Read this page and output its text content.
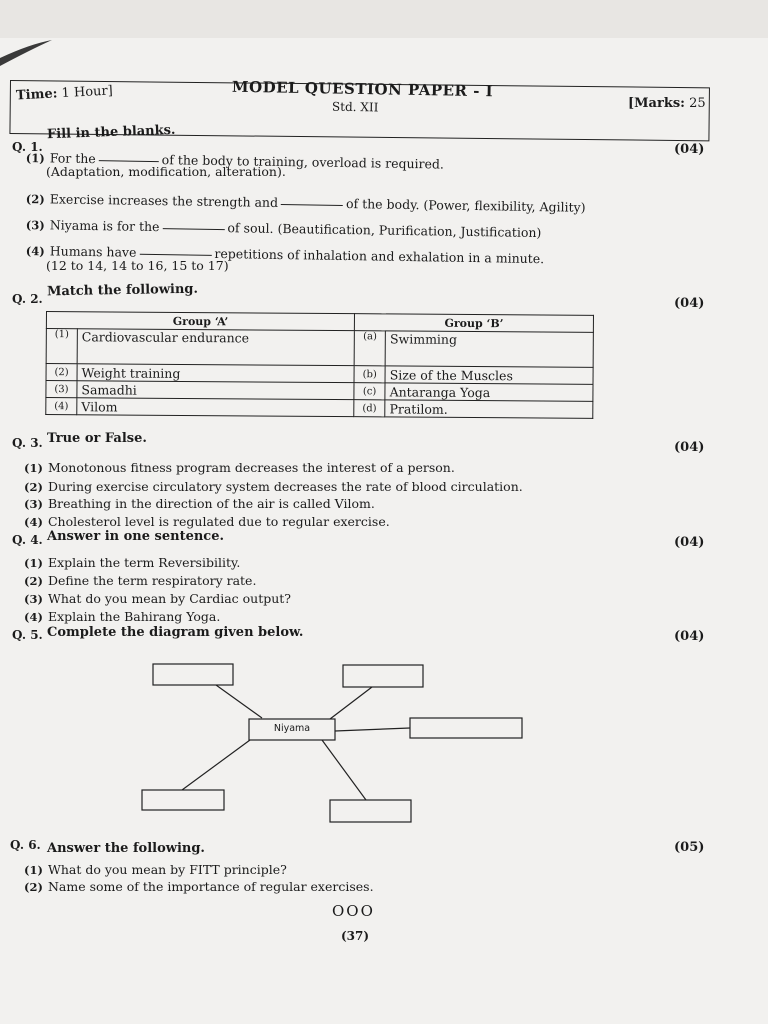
Time: 1 Hour]	MODEL QUESTION PAPER - I
Std. XII	[Marks: 25
Q. 1.
Fill in the blanks.
(04)
(1) For the	of the body to training, overload is required.
(Adaptation, modification, alteration).
(2) Exercise increases the strength and	of the body. (Power, flexibility, Agility)
(3) Niyama is for the	of soul. (Beautification, Purification, Justification)
(4) Humans have	repetitions of inhalation and exhalation in a minute.
(12 to 14, 14 to 16, 15 to 17)
Q. 2. Match the following.
(04)
Group ‘A’		Group ‘B’	
(1)	Cardiovascular endurance	(a)	Swimming
(2)	Weight training	(b)	Size of the Muscles
(3)	Samadhi	(c)	Antaranga Yoga
(4)	Vilom	(d)	Pratilom.
Q. 3. True or False.
(04)
(1) Monotonous fitness program decreases the interest of a person.
(2) During exercise circulatory system decreases the rate of blood circulation.
(3) Breathing in the direction of the air is called Vilom.
(4) Cholesterol level is regulated due to regular exercise.
Q. 4. Answer in one sentence.	(04)
(1) Explain the term Reversibility.
(2) Define the term respiratory rate.
(3) What do you mean by Cardiac output?
(4) Explain the Bahirang Yoga.
Q. 5. Complete the diagram given below.	(04)
Niyama
Q. 6. Answer the following.	(05)
(1) What do you mean by FITT principle?
(2) Name some of the importance of regular exercises.
OOO
(37)
